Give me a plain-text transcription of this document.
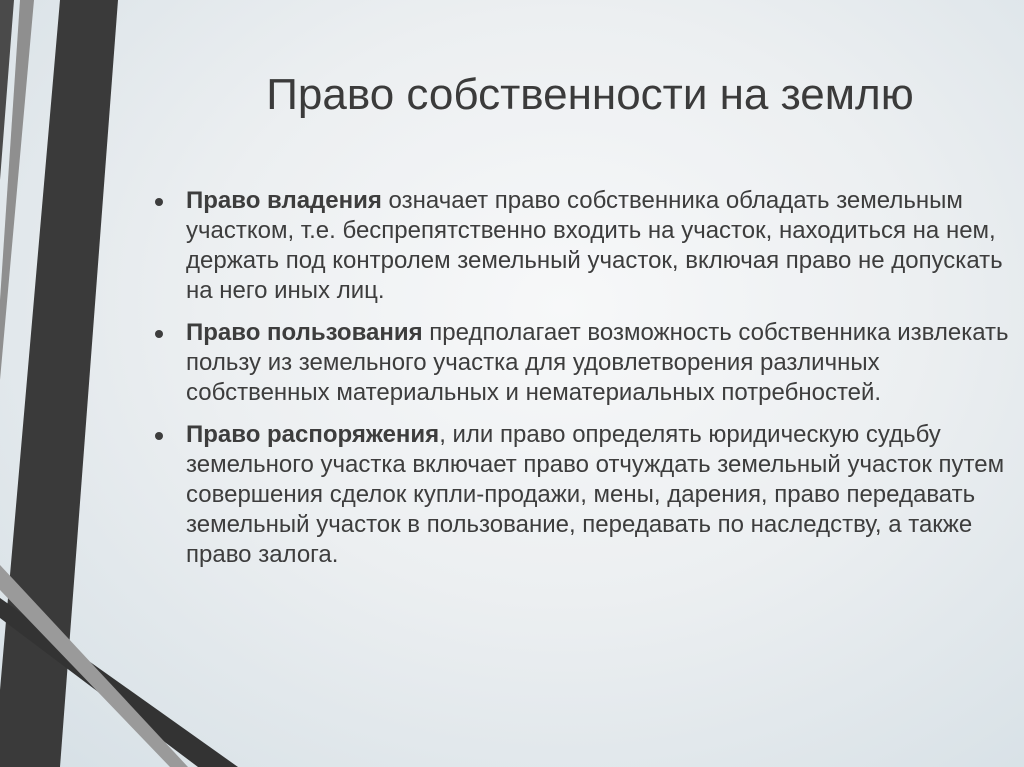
Право собственности на землю
Право владения означает право собственника обладать земельным участком, т.е. беспрепятственно входить на участок, находиться на нем, держать под контролем земельный участок, включая право не допускать на него иных лиц.
Право пользования предполагает возможность собственника извлекать пользу из земельного участка для удовлетворения различных собственных материальных и нематериальных потребностей.
Право распоряжения, или право определять юридическую судьбу земельного участка включает право отчуждать земельный участок путем совершения сделок купли-продажи, мены, дарения, право передавать земельный участок в пользование, передавать по наследству, а также право залога.
